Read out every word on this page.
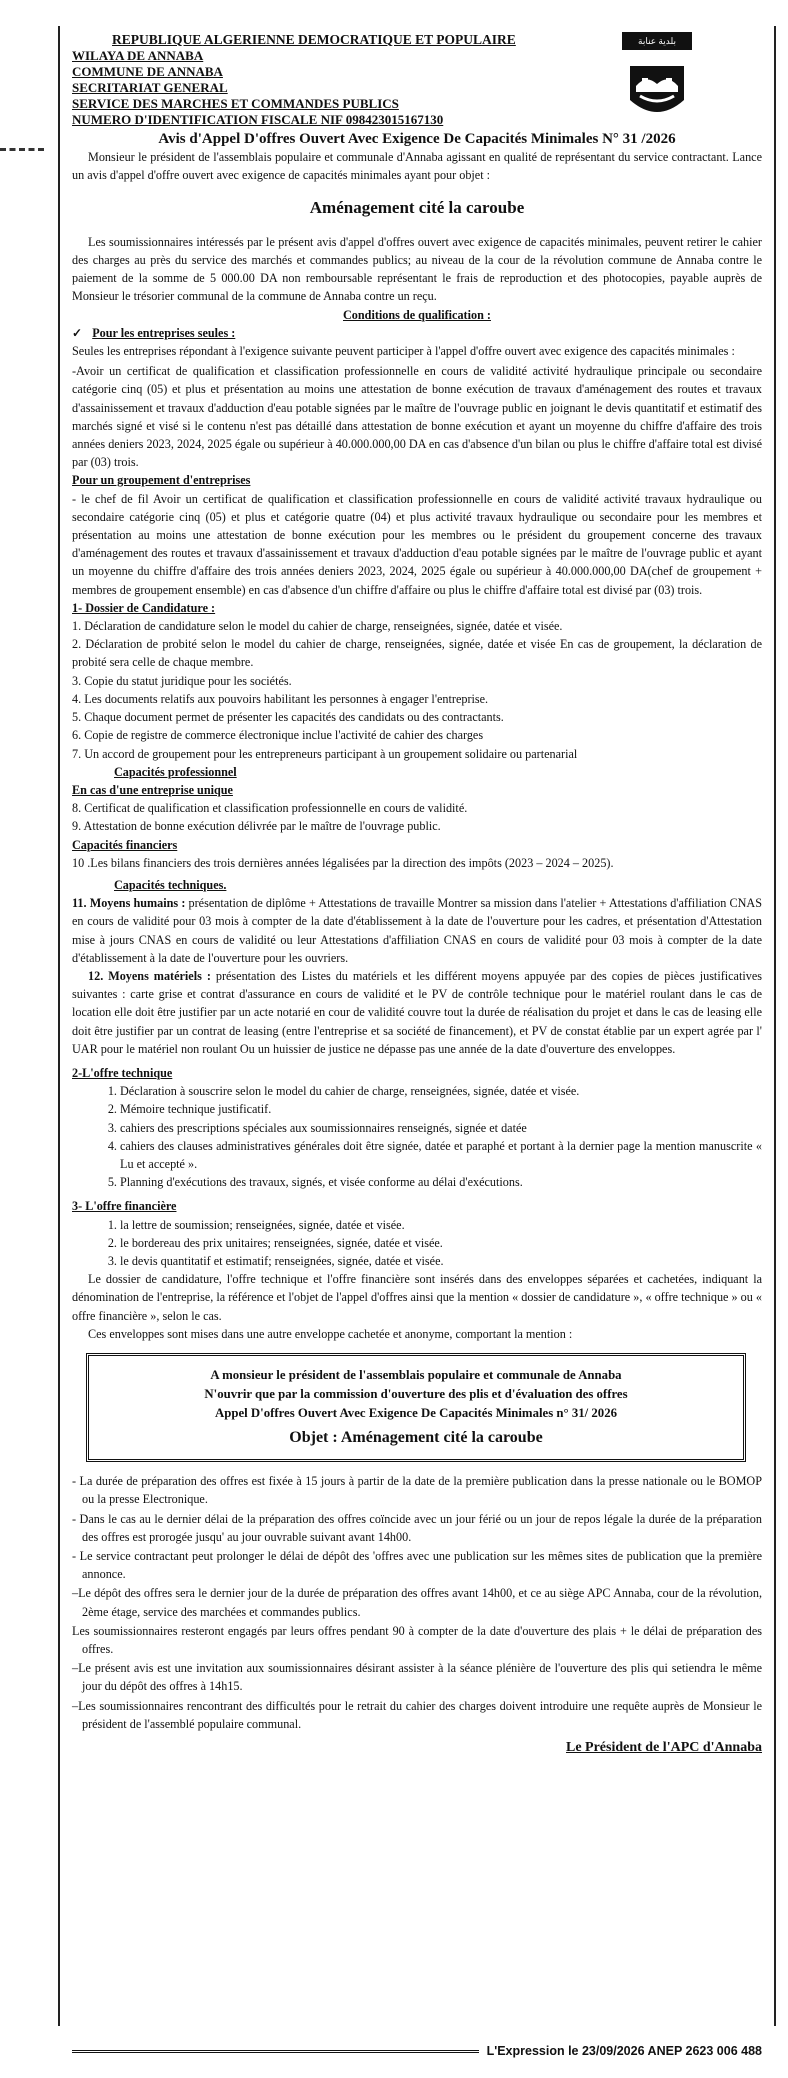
بلدية عنابة

REPUBLIQUE ALGERIENNE DEMOCRATIQUE ET POPULAIRE

WILAYA DE ANNABA

COMMUNE DE ANNABA

SECRITARIAT GENERAL

SERVICE DES MARCHES ET COMMANDES PUBLICS

NUMERO D'IDENTIFICATION FISCALE NIF 098423015167130

Avis d'Appel D'offres Ouvert Avec Exigence De Capacités Minimales N° 31 /2026

Monsieur le président de l'assemblais populaire et communale d'Annaba agissant en qualité de représentant du service contractant. Lance un avis d'appel d'offre ouvert avec exigence de capacités minimales ayant pour objet :

Aménagement cité la caroube

Les soumissionnaires intéressés par le présent avis d'appel d'offres ouvert avec exigence de capacités minimales, peuvent retirer le cahier des charges au près du service des marchés et commandes publics; au niveau de la cour de la révolution commune de Annaba contre le paiement de la somme de 5 000.00 DA non remboursable représentant le frais de reproduction et des photocopies, payable auprès de Monsieur le trésorier communal de la commune de Annaba contre un reçu.

Conditions de qualification :

✓ Pour les entreprises seules :

Seules les entreprises répondant à l'exigence suivante peuvent participer à l'appel d'offre ouvert avec exigence des capacités minimales :

-Avoir un certificat de qualification et classification professionnelle en cours de validité activité hydraulique principale ou secondaire catégorie cinq (05) et plus et présentation au moins une attestation de bonne exécution de travaux d'aménagement des routes et travaux d'assainissement et travaux d'adduction d'eau potable signées par le maître de l'ouvrage public en joignant le devis quantitatif et estimatif des marchés signé et visé si le contenu n'est pas détaillé dans attestation de bonne exécution et ayant un moyenne du chiffre d'affaire des trois années deniers 2023, 2024, 2025 égale ou supérieur à 40.000.000,00 DA en cas d'absence d'un bilan ou plus le chiffre d'affaire total est divisé par (03) trois.

Pour un groupement d'entreprises

- le chef de fil Avoir un certificat de qualification et classification professionnelle en cours de validité activité travaux hydraulique ou secondaire catégorie cinq (05) et plus et catégorie quatre (04) et plus activité travaux hydraulique ou secondaire pour les membres et présentation au moins une attestation de bonne exécution pour les membres ou le président du groupement concerne des travaux d'aménagement des routes et travaux d'assainissement et travaux d'adduction d'eau potable signées par le maître de l'ouvrage public et ayant un moyenne du chiffre d'affaire des trois années deniers 2023, 2024, 2025 égale ou supérieur à 40.000.000,00 DA(chef de groupement + membres de groupement ensemble) en cas d'absence d'un chiffre d'affaire ou plus le chiffre d'affaire total est divisé par (03) trois.

1- Dossier de Candidature :

1. Déclaration de candidature selon le model du cahier de charge, renseignées, signée, datée et visée.

2. Déclaration de probité selon le model du cahier de charge, renseignées, signée, datée et visée En cas de groupement, la déclaration de probité sera celle de chaque membre.

3. Copie du statut juridique pour les sociétés.

4. Les documents relatifs aux pouvoirs habilitant les personnes à engager l'entreprise.

5. Chaque document permet de présenter les capacités des candidats ou des contractants.

6. Copie de registre de commerce électronique inclue l'activité de cahier des charges

7. Un accord de groupement pour les entrepreneurs participant à un groupement solidaire ou partenarial

Capacités professionnel

En cas d'une entreprise unique

8. Certificat de qualification et classification professionnelle en cours de validité.

9. Attestation de bonne exécution délivrée par le maître de l'ouvrage public.

Capacités financiers

10 .Les bilans financiers des trois dernières années légalisées par la direction des impôts (2023 – 2024 – 2025).

Capacités techniques.

11. Moyens humains : présentation de diplôme + Attestations de travaille Montrer sa mission dans l'atelier + Attestations d'affiliation CNAS en cours de validité pour 03 mois à compter de la date d'établissement à la date de l'ouverture pour les cadres, et présentation d'Attestation mise à jours CNAS en cours de validité ou leur Attestations d'affiliation CNAS en cours de validité pour 03 mois à compter de la date d'établissement à la date de l'ouverture pour les ouvriers.

12. Moyens matériels : présentation des Listes du matériels et les différent moyens appuyée par des copies de pièces justificatives suivantes : carte grise et contrat d'assurance en cours de validité et le PV de contrôle technique pour le matériel roulant dans le cas de location elle doit être justifier par un acte notarié en cour de validité couvre tout la durée de réalisation du projet et dans le cas de leasing elle doit être justifier par un contrat de leasing (entre l'entreprise et sa société de financement), et PV de constat établie par un expert agrée par l' UAR pour le matériel non roulant Ou un huissier de justice ne dépasse pas une année de la date d'ouverture des enveloppes.

2-L'offre technique

1. Déclaration à souscrire selon le model du cahier de charge, renseignées, signée, datée et visée.
2. Mémoire technique justificatif.
3. cahiers des prescriptions spéciales aux soumissionnaires renseignés, signée et datée
4. cahiers des clauses administratives générales doit être signée, datée et paraphé et portant à la dernier page la mention manuscrite « Lu et accepté ».
5. Planning d'exécutions des travaux, signés, et visée conforme au délai d'exécutions.

3- L'offre financière

1. la lettre de soumission; renseignées, signée, datée et visée.
2. le bordereau des prix unitaires; renseignées, signée, datée et visée.
3. le devis quantitatif et estimatif; renseignées, signée, datée et visée.

Le dossier de candidature, l'offre technique et l'offre financière sont insérés dans des enveloppes séparées et cachetées, indiquant la dénomination de l'entreprise, la référence et l'objet de l'appel d'offres ainsi que la mention « dossier de candidature », « offre technique » ou « offre financière », selon le cas.

Ces enveloppes sont mises dans une autre enveloppe cachetée et anonyme, comportant la mention :

A monsieur le président de l'assemblais populaire et communale de Annaba
N'ouvrir que par la commission d'ouverture des plis et d'évaluation des offres
Appel D'offres Ouvert Avec Exigence De Capacités Minimales n° 31/ 2026
Objet : Aménagement cité la caroube

- La durée de préparation des offres est fixée à 15 jours à partir de la date de la première publication dans la presse nationale ou le BOMOP ou la presse Electronique.

- Dans le cas au le dernier délai de la préparation des offres coïncide avec un jour férié ou un jour de repos légale la durée de la préparation des offres est prorogée jusqu' au jour ouvrable suivant avant 14h00.

- Le service contractant peut prolonger le délai de dépôt des 'offres avec une publication sur les mêmes sites de publication que la première annonce.

–Le dépôt des offres sera le dernier jour de la durée de préparation des offres avant 14h00, et ce au siège APC Annaba, cour de la révolution, 2ème étage, service des marchées et commandes publics.

Les soumissionnaires resteront engagés par leurs offres pendant 90 à compter de la date d'ouverture des plais + le délai de préparation des offres.

–Le présent avis est une invitation aux soumissionnaires désirant assister à la séance plénière de l'ouverture des plis qui setiendra le même jour du dépôt des offres à 14h15.

–Les soumissionnaires rencontrant des difficultés pour le retrait du cahier des charges doivent introduire une requête auprès de Monsieur le président de l'assemblé populaire communal.

Le Président de l'APC d'Annaba

L'Expression le 23/09/2026 ANEP 2623 006 488
